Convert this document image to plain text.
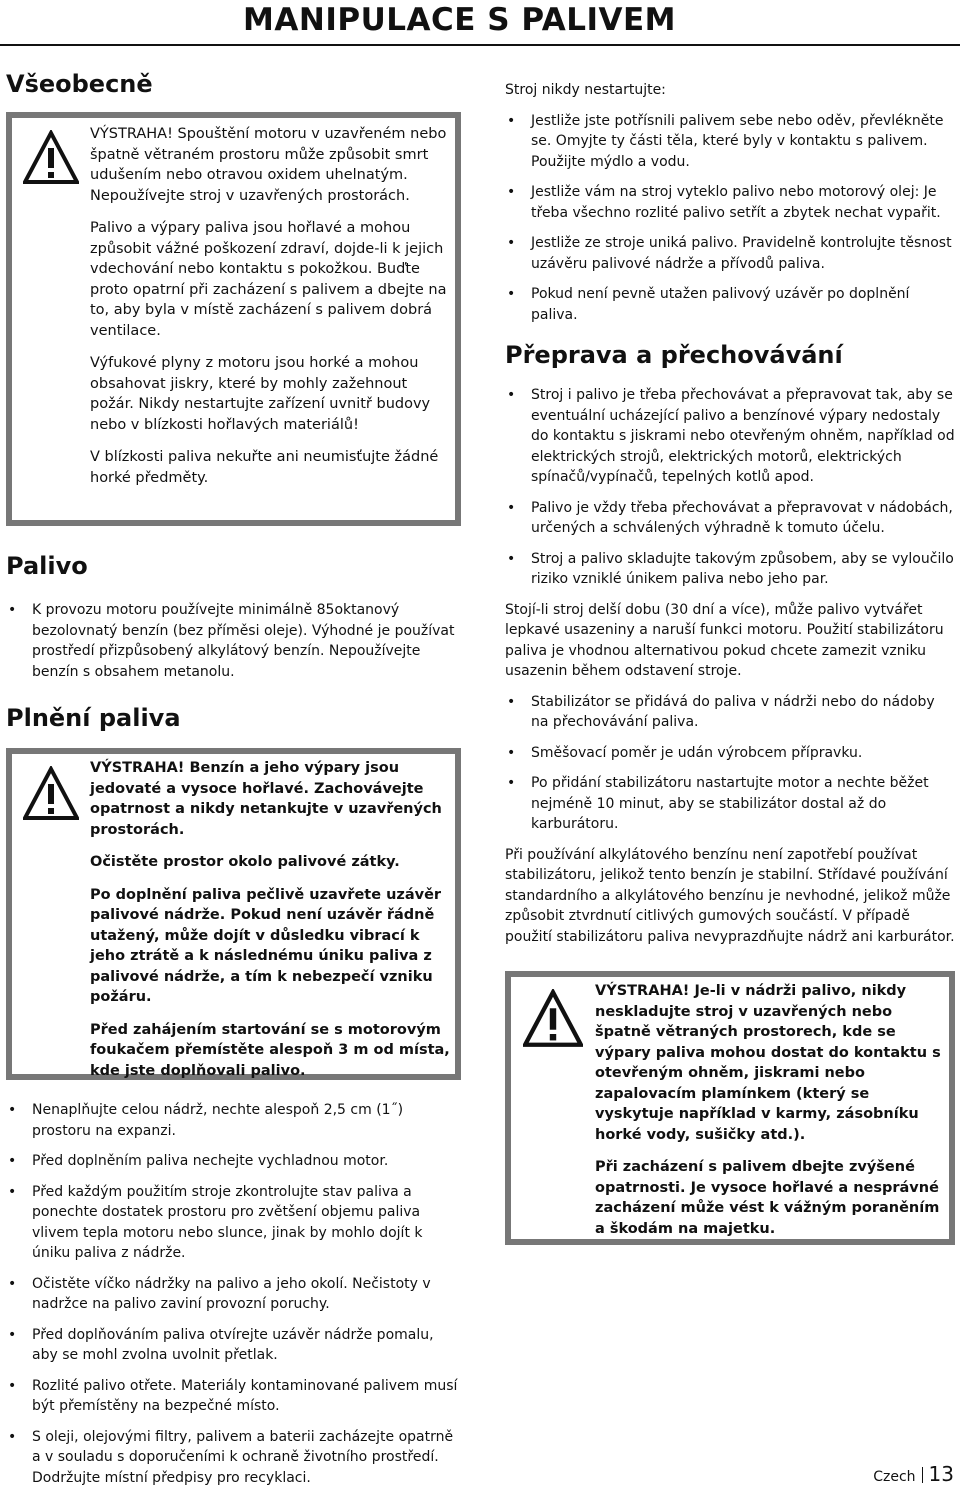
MANIPULACE S PALIVEM
Všeobecně

VÝSTRAHA! Spouštění motoru v uzavřeném nebo špatně větraném prostoru může způsobit smrt udušením nebo otravou oxidem uhelnatým. Nepoužívejte stroj v uzavřených prostorách.

Palivo a výpary paliva jsou hořlavé a mohou způsobit vážné poškození zdraví, dojde-li k jejich vdechování nebo kontaktu s pokožkou. Buďte proto opatrní při zacházení s palivem a dbejte na to, aby byla v místě zacházení s palivem dobrá ventilace.

Výfukové plyny z motoru jsou horké a mohou obsahovat jiskry, které by mohly zažehnout požár. Nikdy nestartujte zařízení uvnitř budovy nebo v blízkosti hořlavých materiálů!

V blízkosti paliva nekuřte ani neumisťujte žádné horké předměty.

Palivo
• K provozu motoru používejte minimálně 85oktanový bezolovnatý benzín (bez příměsi oleje). Výhodné je používat prostředí přizpůsobený alkylátový benzín. Nepoužívejte benzín s obsahem metanolu.
Plnění paliva

VÝSTRAHA! Benzín a jeho výpary jsou jedovaté a vysoce hořlavé. Zachovávejte opatrnost a nikdy netankujte v uzavřených prostorách.

Očistěte prostor okolo palivové zátky.

Po doplnění paliva pečlivě uzavřete uzávěr palivové nádrže. Pokud není uzávěr řádně utažený, může dojít v důsledku vibrací k jeho ztrátě a k následnému úniku paliva z palivové nádrže, a tím k nebezpečí vzniku požáru.

Před zahájením startování se s motorovým foukačem přemístěte alespoň 3 m od místa, kde jste doplňovali palivo.

• Nenaplňujte celou nádrž, nechte alespoň 2,5 cm (1˝) prostoru na expanzi.
• Před doplněním paliva nechejte vychladnou motor.
• Před každým použitím stroje zkontrolujte stav paliva a ponechte dostatek prostoru pro zvětšení objemu paliva vlivem tepla motoru nebo slunce, jinak by mohlo dojít k úniku paliva z nádrže.
• Očistěte víčko nádržky na palivo a jeho okolí. Nečistoty v nadržce na palivo zaviní provozní poruchy.
• Před doplňováním paliva otvírejte uzávěr nádrže pomalu, aby se mohl zvolna uvolnit přetlak.
• Rozlité palivo otřete. Materiály kontaminované palivem musí být přemístěny na bezpečné místo.
• S oleji, olejovými filtry, palivem a baterii zacházejte opatrně a v souladu s doporučeními k ochraně životního prostředí. Dodržujte místní předpisy pro recyklaci.

Stroj nikdy nestartujte:

• Jestliže jste potřísnili palivem sebe nebo oděv, převlékněte se. Omyjte ty části těla, které byly v kontaktu s palivem. Použijte mýdlo a vodu.
• Jestliže vám na stroj vyteklo palivo nebo motorový olej: Je třeba všechno rozlité palivo setřít a zbytek nechat vypařit.
• Jestliže ze stroje uniká palivo. Pravidelně kontrolujte těsnost uzávěru palivové nádrže a přívodů paliva.
• Pokud není pevně utažen palivový uzávěr po doplnění paliva.
Přeprava a přechovávání
• Stroj i palivo je třeba přechovávat a přepravovat tak, aby se eventuální ucházející palivo a benzínové výpary nedostaly do kontaktu s jiskrami nebo otevřeným ohněm, například od elektrických strojů, elektrických motorů, elektrických spínačů/vypínačů, tepelných kotlů apod.
• Palivo je vždy třeba přechovávat a přepravovat v nádobách, určených a schválených výhradně k tomuto účelu.
• Stroj a palivo skladujte takovým způsobem, aby se vyloučilo riziko vzniklé únikem paliva nebo jeho par.

Stojí-li stroj delší dobu (30 dní a více), může palivo vytvářet lepkavé usazeniny a naruší funkci motoru. Použití stabilizátoru paliva je vhodnou alternativou pokud chcete zamezit vzniku usazenin během odstavení stroje.

• Stabilizátor se přidává do paliva v nádrži nebo do nádoby na přechovávání paliva.
• Směšovací poměr je udán výrobcem přípravku.
• Po přidání stabilizátoru nastartujte motor a nechte běžet nejméně 10 minut, aby se stabilizátor dostal až do karburátoru.

Při používání alkylátového benzínu není zapotřebí používat stabilizátoru, jelikož tento benzín je stabilní. Střídavé používání standardního a alkylátového benzínu je nevhodné, jelikož může způsobit ztvrdnutí citlivých gumových součástí. V případě použití stabilizátoru paliva nevyprazdňujte nádrž ani karburátor.

VÝSTRAHA! Je-li v nádrži palivo, nikdy neskladujte stroj v uzavřených nebo špatně větraných prostorech, kde se výpary paliva mohou dostat do kontaktu s otevřeným ohněm, jiskrami nebo zapalovacím plamínkem (který se vyskytuje například v karmy, zásobníku horké vody, sušičky atd.).

Při zacházení s palivem dbejte zvýšené opatrnosti. Je vysoce hořlavé a nesprávné zacházení může vést k vážným poraněním a škodám na majetku.

Czech 13
